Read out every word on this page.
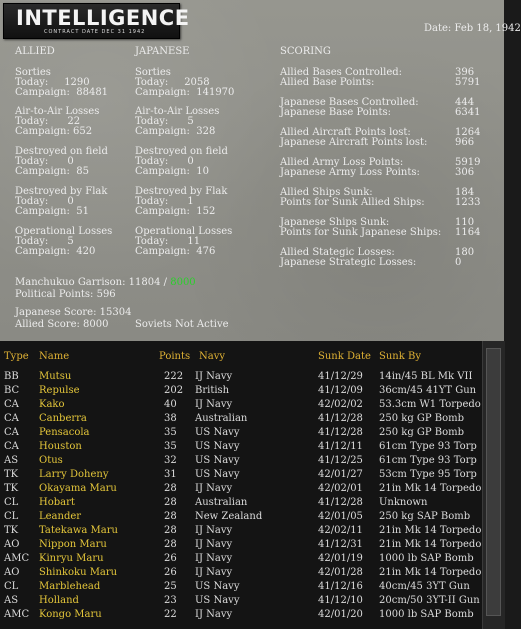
INTELLIGENCE
CONTRACT DATE DEC 31 1942	Date: Feb 18, 1942
ALLIED	JAPANESE	SCORING
Sorties
Today:     1290
Campaign:  88481
Air-to-Air Losses
Today:      22
Campaign: 652
Destroyed on field
Today:      0
Campaign:  85
Destroyed by Flak
Today:      0
Campaign:  51
Operational Losses
Today:      5
Campaign:  420
Sorties
Today:     2058
Campaign:  141970
Air-to-Air Losses
Today:      5
Campaign:  328
Destroyed on field
Today:      0
Campaign:  10
Destroyed by Flak
Today:      1
Campaign:  152
Operational Losses
Today:      11
Campaign:  476
Manchukuo Garrison: 11804 / 8000
Political Points: 596
Japanese Score: 15304
Allied Score: 8000	Soviets Not Active
Allied Bases Controlled:	396
Allied Base Points:	5791
Japanese Bases Controlled:	444
Japanese Base Points:	6341
Allied Aircraft Points lost:	1264
Japanese Aircraft Points lost:	966
Allied Army Loss Points:	5919
Japanese Army Loss Points:	306
Allied Ships Sunk:	184
Points for Sunk Allied Ships:	1233
Japanese Ships Sunk:	110
Points for Sunk Japanese Ships: 1164
Allied Stategic Losses:	180
Japanese Strategic Losses:	0
Type Name	Points Navy	Sunk Date Sunk By
BB Mutsu	222 IJ Navy	41/12/29 14in/45 BL Mk VII
BC Repulse	202 British	41/12/09 36cm/45 41YT Gun
CA Kako	40 IJ Navy	42/02/02 53.3cm W1 Torpedo
CA Canberra	38 Australian	41/12/28 250 kg GP Bomb
CA Pensacola	35 US Navy	41/12/28 250 kg GP Bomb
CA Houston	35 US Navy	41/12/11 61cm Type 93 Torp
AS Otus	32 US Navy	41/12/25 61cm Type 93 Torp
TK Larry Doheny	31 US Navy	42/01/27 53cm Type 95 Torp
TK Okayama Maru	28 IJ Navy	42/02/01 21in Mk 14 Torpedo
CL Hobart	28 Australian	41/12/28 Unknown
CL Leander	28 New Zealand	42/01/05 250 kg SAP Bomb
TK Tatekawa Maru	28 IJ Navy	42/02/11 21in Mk 14 Torpedo
AO Nippon Maru	28 IJ Navy	41/12/31 21in Mk 14 Torpedo
AMC Kinryu Maru	26 IJ Navy	42/01/19 1000 lb SAP Bomb
AO Shinkoku Maru	26 IJ Navy	42/01/28 21in Mk 14 Torpedo
CL Marblehead	25 US Navy	41/12/16 40cm/45 3YT Gun
AS Holland	23 US Navy	41/12/10 20cm/50 3YT-II Gun
AMC Kongo Maru	22 IJ Navy	42/01/20 1000 lb SAP Bomb
